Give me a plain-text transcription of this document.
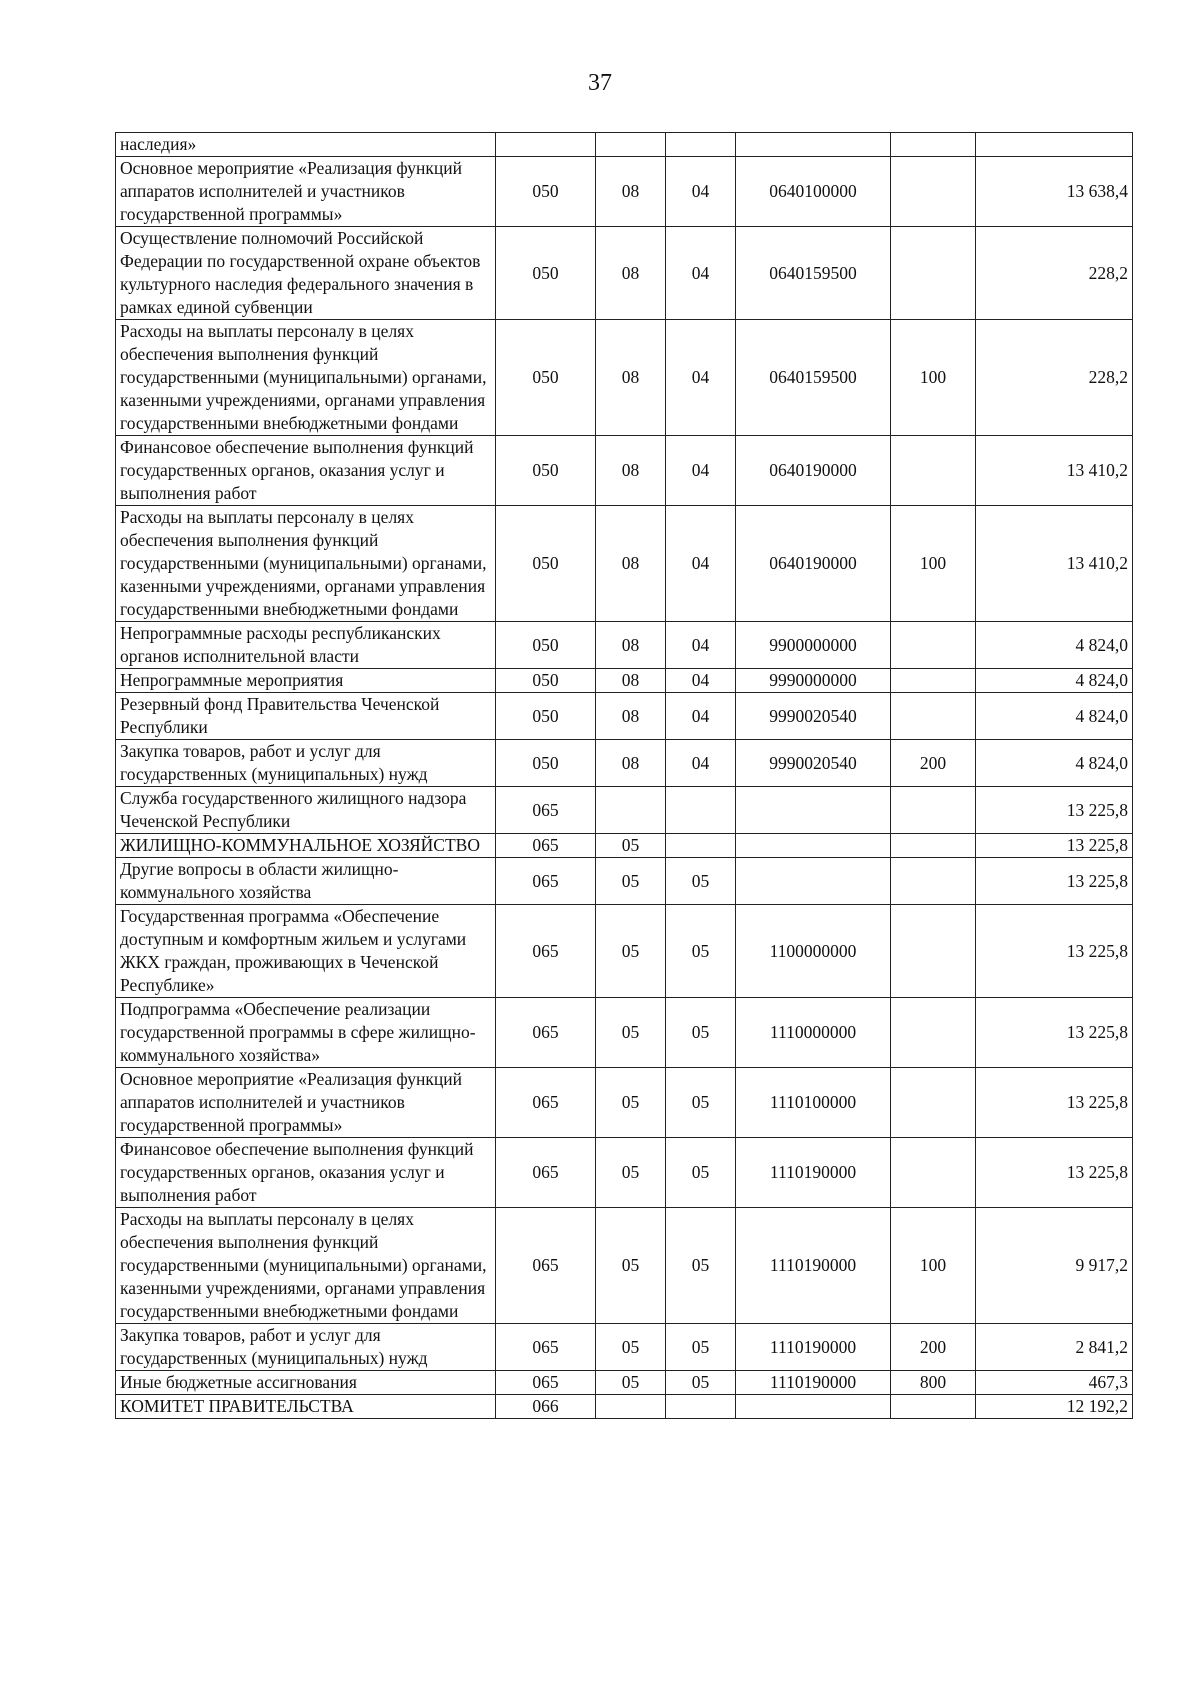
37
наследия»						
Основное мероприятие «Реализация функций аппаратов исполнителей и участников государственной программы»	050	08	04	0640100000		13 638,4
Осуществление полномочий Российской Федерации по государственной охране объектов культурного наследия федерального значения в рамках единой субвенции	050	08	04	0640159500		228,2
Расходы на выплаты персоналу в целях обеспечения выполнения функций государственными (муниципальными) органами, казенными учреждениями, органами управления государственными внебюджетными фондами	050	08	04	0640159500	100	228,2
Финансовое обеспечение выполнения функций государственных органов, оказания услуг и выполнения работ	050	08	04	0640190000		13 410,2
Расходы на выплаты персоналу в целях обеспечения выполнения функций государственными (муниципальными) органами, казенными учреждениями, органами управления государственными внебюджетными фондами	050	08	04	0640190000	100	13 410,2
Непрограммные расходы республиканских органов исполнительной власти	050	08	04	9900000000		4 824,0
Непрограммные мероприятия	050	08	04	9990000000		4 824,0
Резервный фонд Правительства Чеченской Республики	050	08	04	9990020540		4 824,0
Закупка товаров, работ и услуг для государственных (муниципальных) нужд	050	08	04	9990020540	200	4 824,0
Служба государственного жилищного надзора Чеченской Республики	065					13 225,8
ЖИЛИЩНО-КОММУНАЛЬНОЕ ХОЗЯЙСТВО	065	05				13 225,8
Другие вопросы в области жилищно-коммунального хозяйства	065	05	05			13 225,8
Государственная программа «Обеспечение доступным и комфортным жильем и услугами ЖКХ граждан, проживающих в Чеченской Республике»	065	05	05	1100000000		13 225,8
Подпрограмма «Обеспечение реализации государственной программы в сфере жилищно-коммунального хозяйства»	065	05	05	1110000000		13 225,8
Основное мероприятие «Реализация функций аппаратов исполнителей и участников государственной программы»	065	05	05	1110100000		13 225,8
Финансовое обеспечение выполнения функций государственных органов, оказания услуг и выполнения работ	065	05	05	1110190000		13 225,8
Расходы на выплаты персоналу в целях обеспечения выполнения функций государственными (муниципальными) органами, казенными учреждениями, органами управления государственными внебюджетными фондами	065	05	05	1110190000	100	9 917,2
Закупка товаров, работ и услуг для государственных (муниципальных) нужд	065	05	05	1110190000	200	2 841,2
Иные бюджетные ассигнования	065	05	05	1110190000	800	467,3
КОМИТЕТ ПРАВИТЕЛЬСТВА	066					12 192,2
